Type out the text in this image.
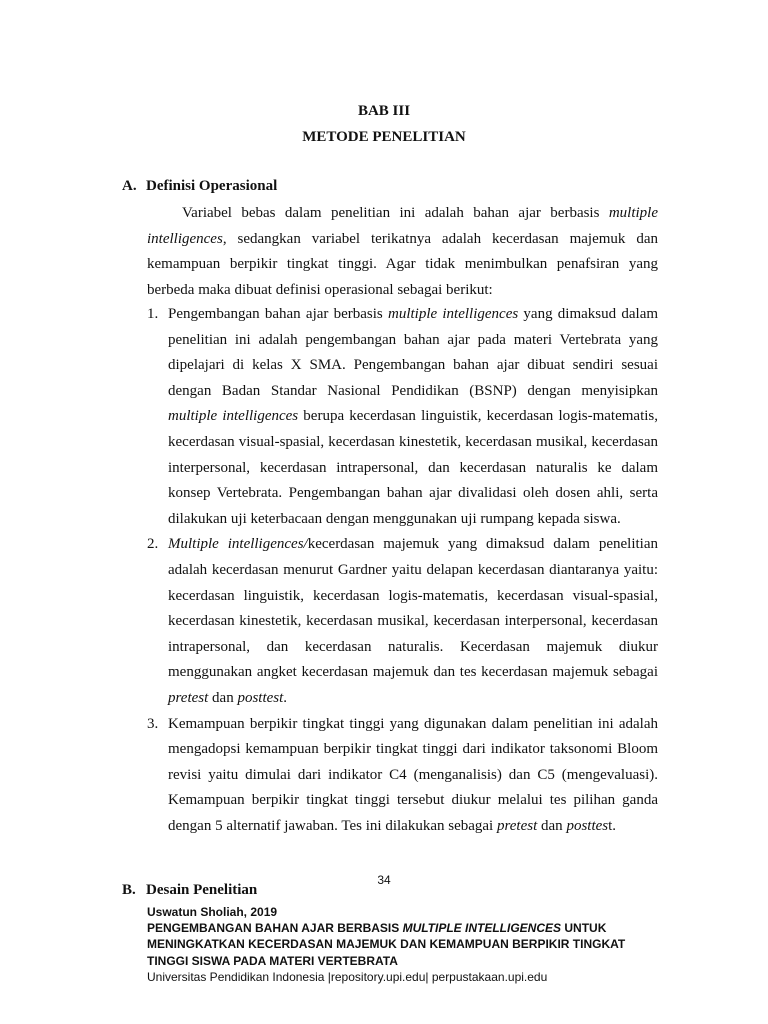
BAB III
METODE PENELITIAN
A. Definisi Operasional

Variabel bebas dalam penelitian ini adalah bahan ajar berbasis multiple intelligences, sedangkan variabel terikatnya adalah kecerdasan majemuk dan kemampuan berpikir tingkat tinggi. Agar tidak menimbulkan penafsiran yang berbeda maka dibuat definisi operasional sebagai berikut:

1. Pengembangan bahan ajar berbasis multiple intelligences yang dimaksud dalam penelitian ini adalah pengembangan bahan ajar pada materi Vertebrata yang dipelajari di kelas X SMA. Pengembangan bahan ajar dibuat sendiri sesuai dengan Badan Standar Nasional Pendidikan (BSNP) dengan menyisipkan multiple intelligences berupa kecerdasan linguistik, kecerdasan logis-matematis, kecerdasan visual-spasial, kecerdasan kinestetik, kecerdasan musikal, kecerdasan interpersonal, kecerdasan intrapersonal, dan kecerdasan naturalis ke dalam konsep Vertebrata. Pengembangan bahan ajar divalidasi oleh dosen ahli, serta dilakukan uji keterbacaan dengan menggunakan uji rumpang kepada siswa.
2. Multiple intelligences/kecerdasan majemuk yang dimaksud dalam penelitian adalah kecerdasan menurut Gardner yaitu delapan kecerdasan diantaranya yaitu: kecerdasan linguistik, kecerdasan logis-matematis, kecerdasan visual-spasial, kecerdasan kinestetik, kecerdasan musikal, kecerdasan interpersonal, kecerdasan intrapersonal, dan kecerdasan naturalis. Kecerdasan majemuk diukur menggunakan angket kecerdasan majemuk dan tes kecerdasan majemuk sebagai pretest dan posttest.
3. Kemampuan berpikir tingkat tinggi yang digunakan dalam penelitian ini adalah mengadopsi kemampuan berpikir tingkat tinggi dari indikator taksonomi Bloom revisi yaitu dimulai dari indikator C4 (menganalisis) dan C5 (mengevaluasi). Kemampuan berpikir tingkat tinggi tersebut diukur melalui tes pilihan ganda dengan 5 alternatif jawaban. Tes ini dilakukan sebagai pretest dan posttest.
34
B. Desain Penelitian
Uswatun Sholiah, 2019
PENGEMBANGAN BAHAN AJAR BERBASIS MULTIPLE INTELLIGENCES UNTUK
MENINGKATKAN KECERDASAN MAJEMUK DAN KEMAMPUAN BERPIKIR TINGKAT
TINGGI SISWA PADA MATERI VERTEBRATA
Universitas Pendidikan Indonesia |repository.upi.edu| perpustakaan.upi.edu
